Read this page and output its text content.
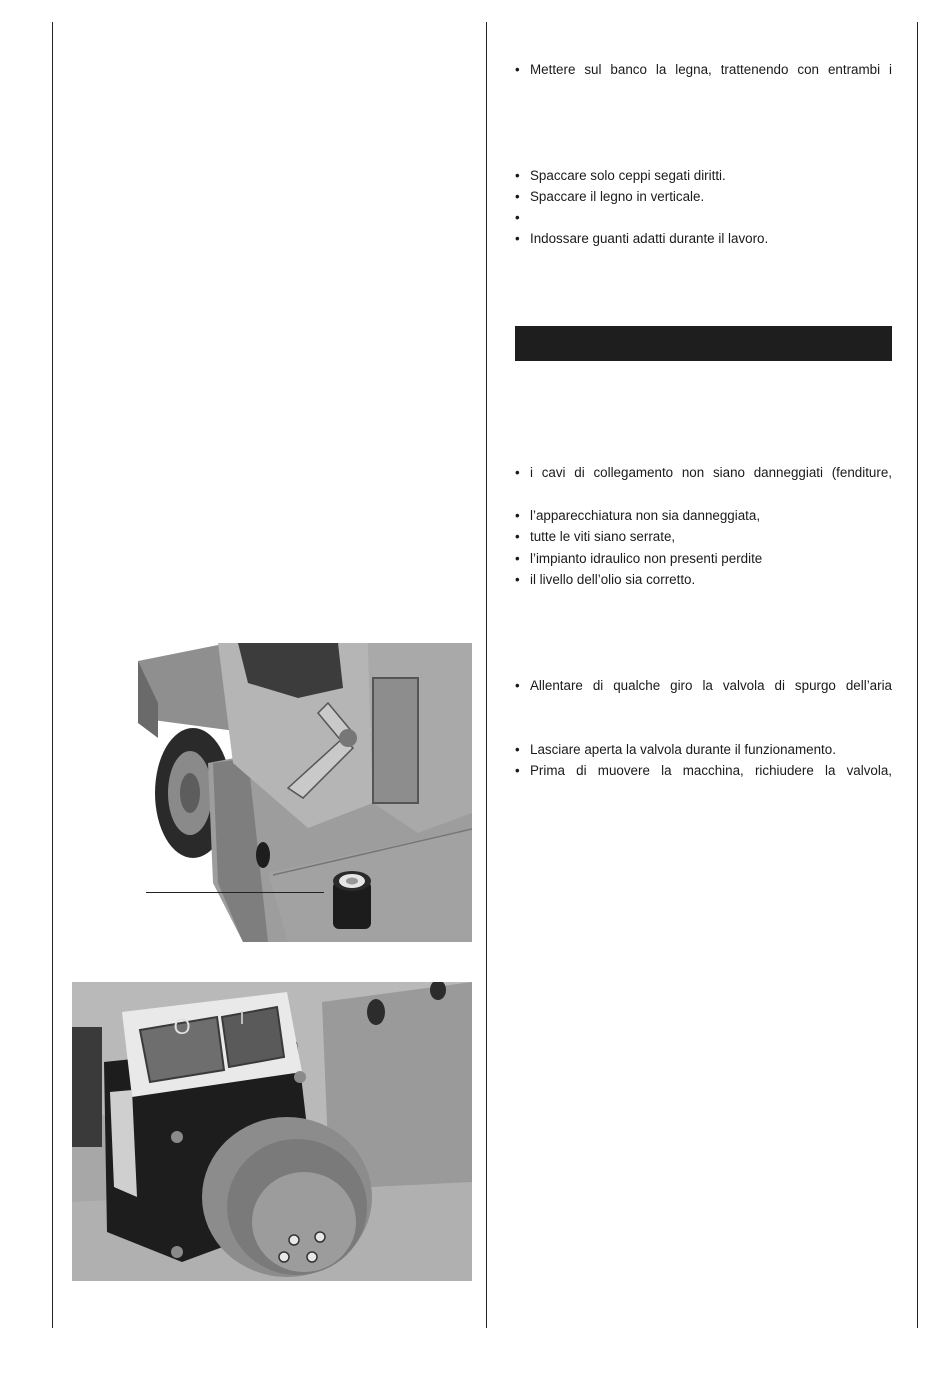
• Mettere sul banco la legna, trattenendo con entrambi i
• Spaccare solo ceppi segati diritti.
• Spaccare il legno in verticale.
•
• Indossare guanti adatti durante il lavoro.
• i cavi di collegamento non siano danneggiati (fenditure,
• l’apparecchiatura non sia danneggiata,
• tutte le viti siano serrate,
• l’impianto idraulico non presenti perdite
• il livello dell’olio sia corretto.
• Allentare di qualche giro la valvola di spurgo dell’aria
• Lasciare aperta la valvola durante il funzionamento.
• Prima di muovere la macchina, richiudere la valvola,
O	I
